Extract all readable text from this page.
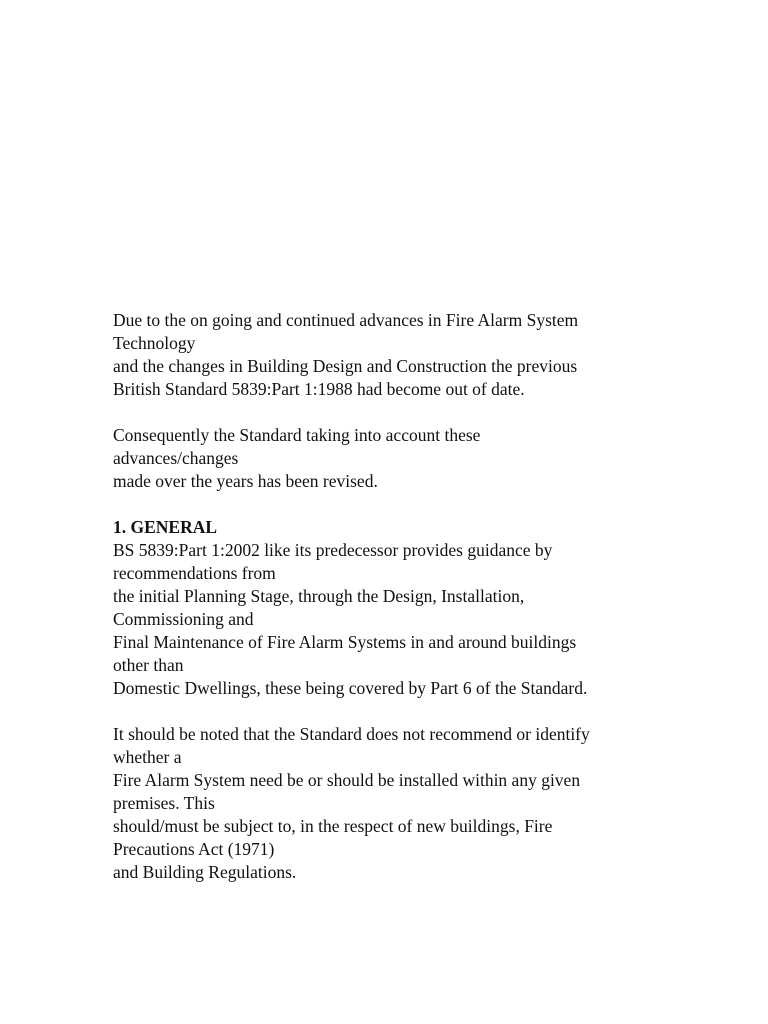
Due to the on going and continued advances in Fire Alarm System
Technology
and the changes in Building Design and Construction the previous
British Standard 5839:Part 1:1988 had become out of date.

Consequently the Standard taking into account these
advances/changes
made over the years has been revised.

1. GENERAL
BS 5839:Part 1:2002 like its predecessor provides guidance by
recommendations from
the initial Planning Stage, through the Design, Installation,
Commissioning and
Final Maintenance of Fire Alarm Systems in and around buildings
other than
Domestic Dwellings, these being covered by Part 6 of the Standard.

It should be noted that the Standard does not recommend or identify
whether a
Fire Alarm System need be or should be installed within any given
premises. This
should/must be subject to, in the respect of new buildings, Fire
Precautions Act (1971)
and Building Regulations.
